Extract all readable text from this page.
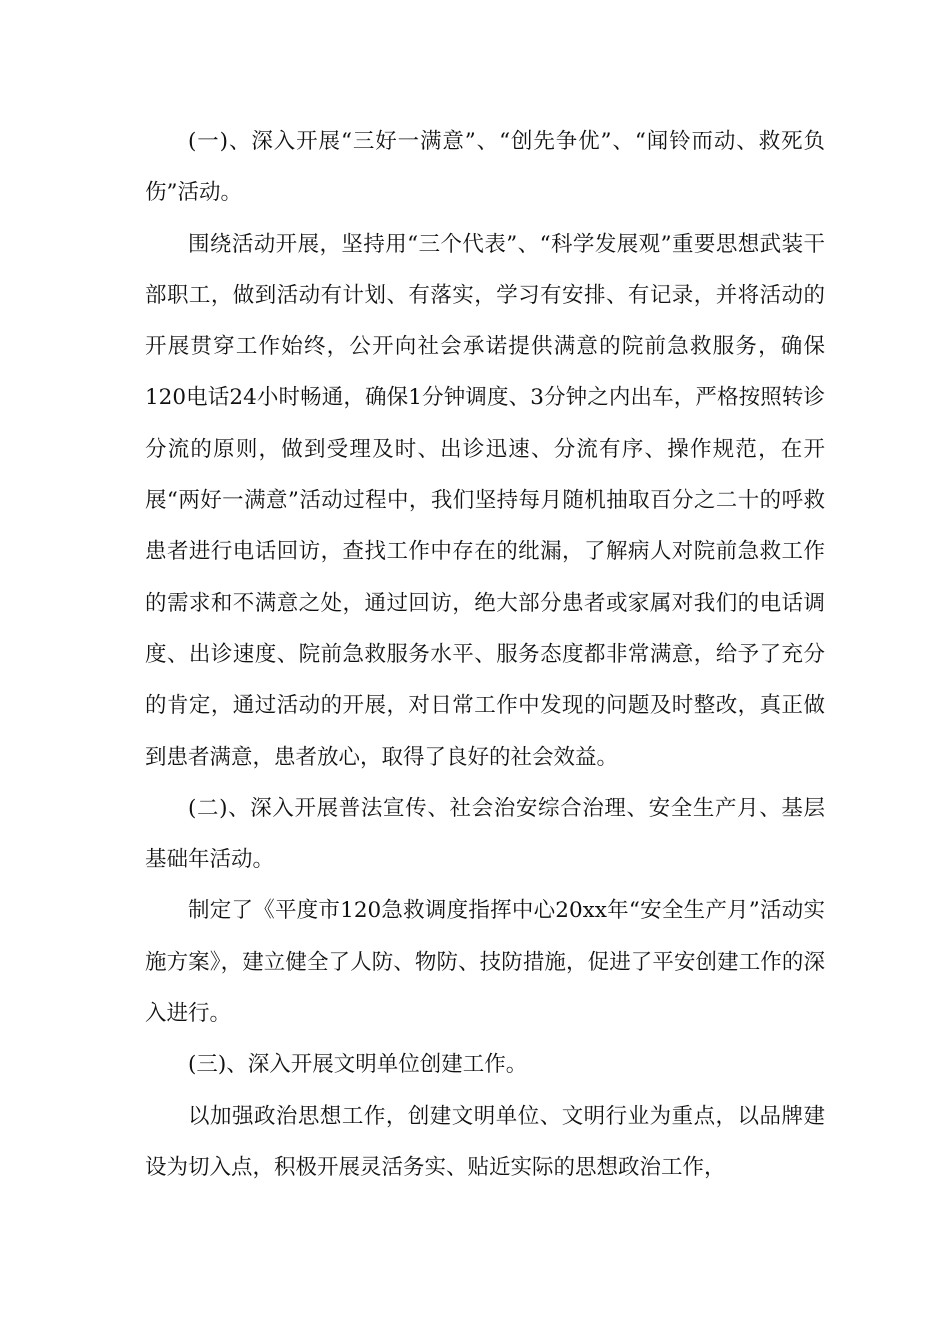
(一)、深入开展“三好一满意”、“创先争优”、“闻铃而动、救死负伤”活动。

围绕活动开展，坚持用“三个代表”、“科学发展观”重要思想武装干部职工，做到活动有计划、有落实，学习有安排、有记录，并将活动的开展贯穿工作始终，公开向社会承诺提供满意的院前急救服务，确保120电话24小时畅通，确保1分钟调度、3分钟之内出车，严格按照转诊分流的原则，做到受理及时、出诊迅速、分流有序、操作规范，在开展“两好一满意”活动过程中，我们坚持每月随机抽取百分之二十的呼救患者进行电话回访，查找工作中存在的纰漏，了解病人对院前急救工作的需求和不满意之处，通过回访，绝大部分患者或家属对我们的电话调度、出诊速度、院前急救服务水平、服务态度都非常满意，给予了充分的肯定，通过活动的开展，对日常工作中发现的问题及时整改，真正做到患者满意，患者放心，取得了良好的社会效益。

(二)、深入开展普法宣传、社会治安综合治理、安全生产月、基层基础年活动。

制定了《平度市120急救调度指挥中心20xx年“安全生产月”活动实施方案》，建立健全了人防、物防、技防措施，促进了平安创建工作的深入进行。

(三)、深入开展文明单位创建工作。

以加强政治思想工作，创建文明单位、文明行业为重点，以品牌建设为切入点，积极开展灵活务实、贴近实际的思想政治工作，
